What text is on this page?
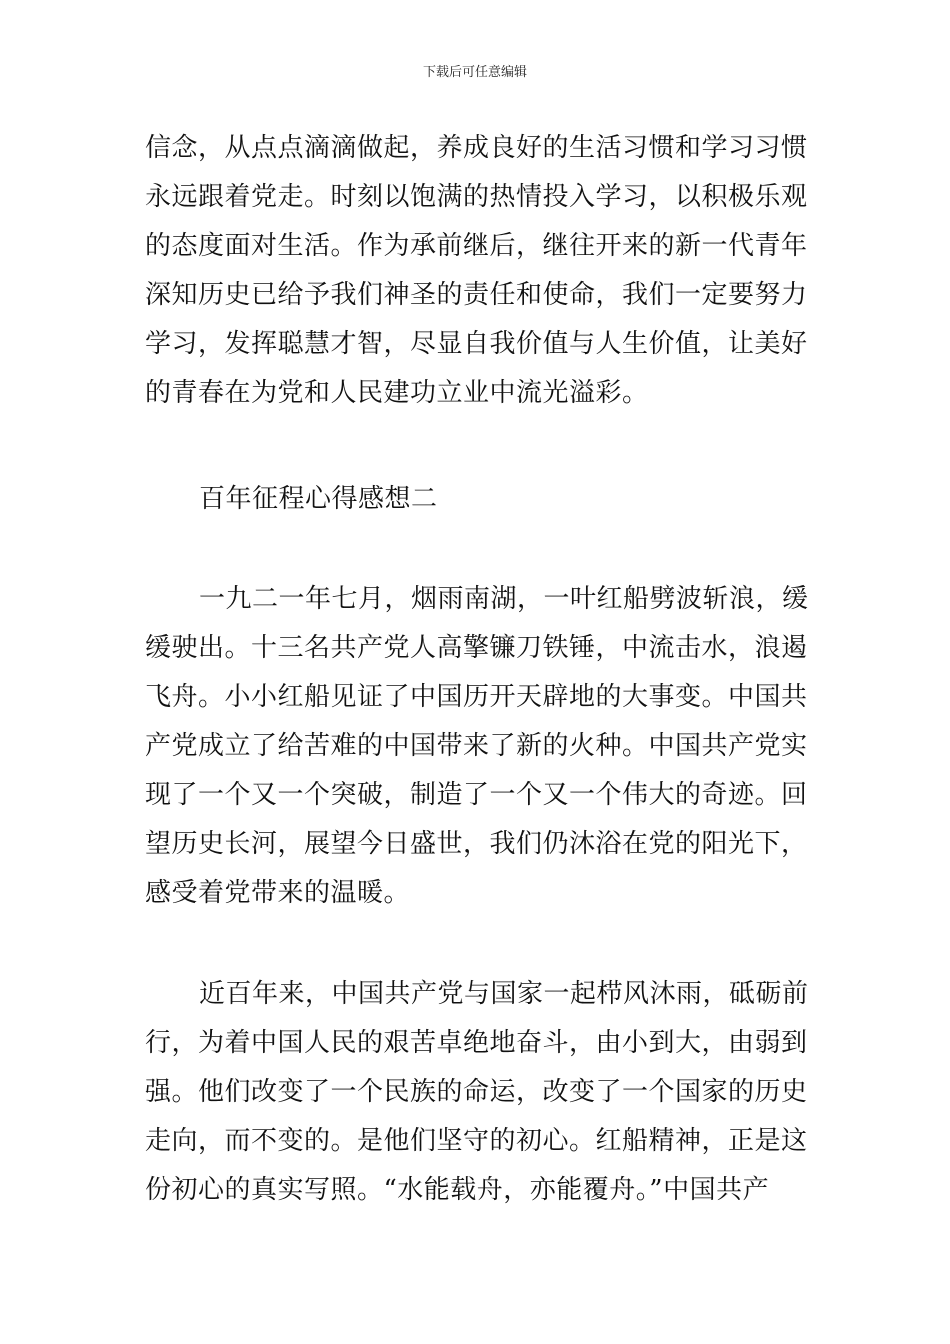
下载后可任意编辑
信念，从点点滴滴做起，养成良好的生活习惯和学习习惯
永远跟着党走。时刻以饱满的热情投入学习，以积极乐观
的态度面对生活。作为承前继后，继往开来的新一代青年
深知历史已给予我们神圣的责任和使命，我们一定要努力
学习，发挥聪慧才智，尽显自我价值与人生价值，让美好
的青春在为党和人民建功立业中流光溢彩。
百年征程心得感想二
一九二一年七月，烟雨南湖，一叶红船劈波斩浪，缓
缓驶出。十三名共产党人高擎镰刀铁锤，中流击水，浪遏
飞舟。小小红船见证了中国历开天辟地的大事变。中国共
产党成立了给苦难的中国带来了新的火种。中国共产党实
现了一个又一个突破，制造了一个又一个伟大的奇迹。回
望历史长河，展望今日盛世，我们仍沐浴在党的阳光下，
感受着党带来的温暖。
近百年来，中国共产党与国家一起栉风沐雨，砥砺前
行，为着中国人民的艰苦卓绝地奋斗，由小到大，由弱到
强。他们改变了一个民族的命运，改变了一个国家的历史
走向，而不变的。是他们坚守的初心。红船精神，正是这
份初心的真实写照。“水能载舟，亦能覆舟。”中国共产
